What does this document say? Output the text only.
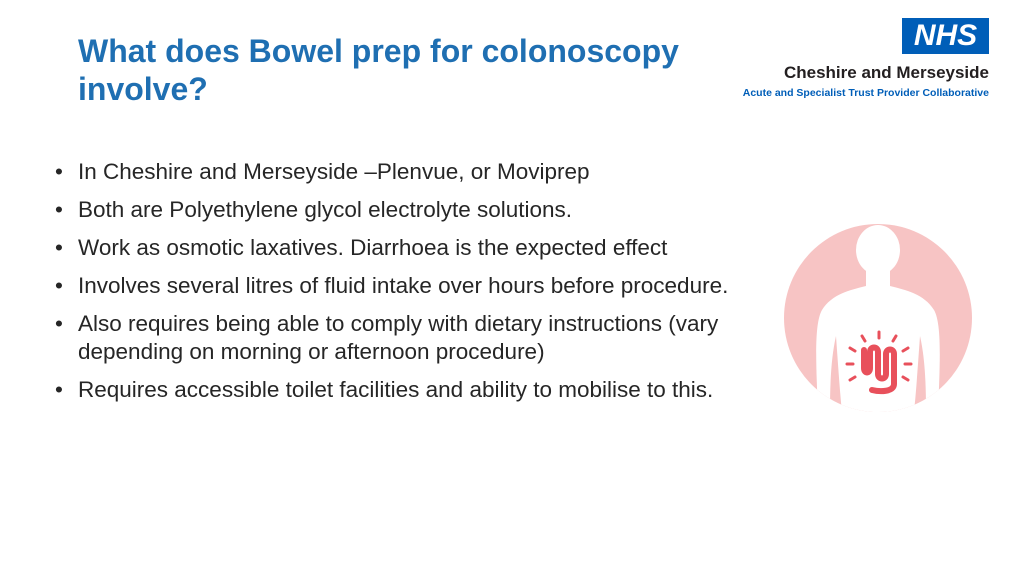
What does Bowel prep for colonoscopy involve?
NHS

Cheshire and Merseyside

Acute and Specialist Trust Provider Collaborative

• In Cheshire and Merseyside –Plenvue, or Moviprep
• Both are Polyethylene glycol electrolyte solutions.
• Work as osmotic laxatives. Diarrhoea is the expected effect
• Involves several litres of fluid intake over hours before procedure.
• Also requires being able to comply with dietary instructions (vary depending on morning or afternoon procedure)
• Requires accessible toilet facilities and ability to mobilise to this.
